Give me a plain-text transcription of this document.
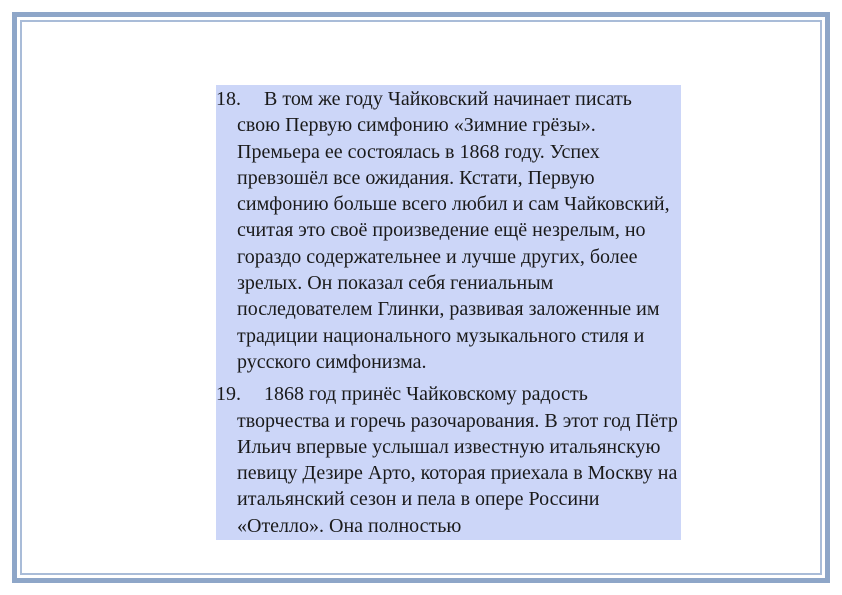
18. В том же году Чайковский начинает писать свою Первую симфонию «Зимние грёзы». Премьера ее состоялась в 1868 году. Успех превзошёл все ожидания. Кстати, Первую симфонию больше всего любил и сам Чайковский, считая это своё произведение ещё незрелым, но гораздо содержательнее и лучше других, более зрелых. Он показал себя гениальным последователем Глинки, развивая заложенные им традиции национального музыкального стиля и русского симфонизма.
19. 1868 год принёс Чайковскому радость творчества и горечь разочарования. В этот год Пётр Ильич впервые услышал известную итальянскую певицу Дезире Арто, которая приехала в Москву на итальянский сезон и пела в опере Россини «Отелло». Она полностью
